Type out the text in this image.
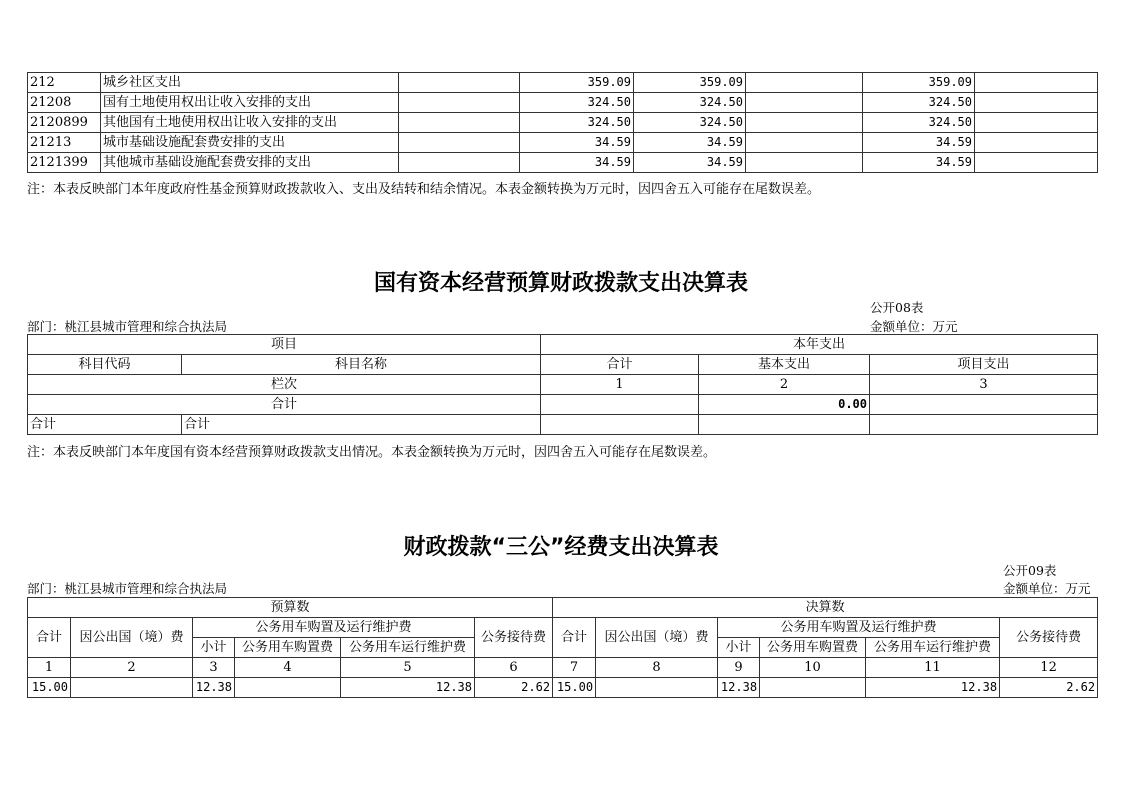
212	城乡社区支出		359.09	359.09		359.09	
21208	国有土地使用权出让收入安排的支出		324.50	324.50		324.50	
2120899	其他国有土地使用权出让收入安排的支出		324.50	324.50		324.50	
21213	城市基础设施配套费安排的支出		34.59	34.59		34.59	
2121399	其他城市基础设施配套费安排的支出		34.59	34.59		34.59	
注：本表反映部门本年度政府性基金预算财政拨款收入、支出及结转和结余情况。本表金额转换为万元时，因四舍五入可能存在尾数误差。
国有资本经营预算财政拨款支出决算表
公开08表
部门：桃江县城市管理和综合执法局	金额单位：万元
项目		本年支出		
科目代码	科目名称	合计	基本支出	项目支出
栏次		1	2	3
合计			0.00	
合计	合计			
注：本表反映部门本年度国有资本经营预算财政拨款支出情况。本表金额转换为万元时，因四舍五入可能存在尾数误差。
财政拨款“三公”经费支出决算表
公开09表
部门：桃江县城市管理和综合执法局	金额单位：万元
预算数						决算数					
合计	因公出国（境）费	公务用车购置及运行维护费			公务接待费	合计	因公出国（境）费	公务用车购置及运行维护费			公务接待费
		小计	公务用车购置费	公务用车运行维护费				小计	公务用车购置费	公务用车运行维护费	
1	2	3	4	5	6	7	8	9	10	11	12
15.00		12.38		12.38	2.62	15.00		12.38		12.38	2.62
